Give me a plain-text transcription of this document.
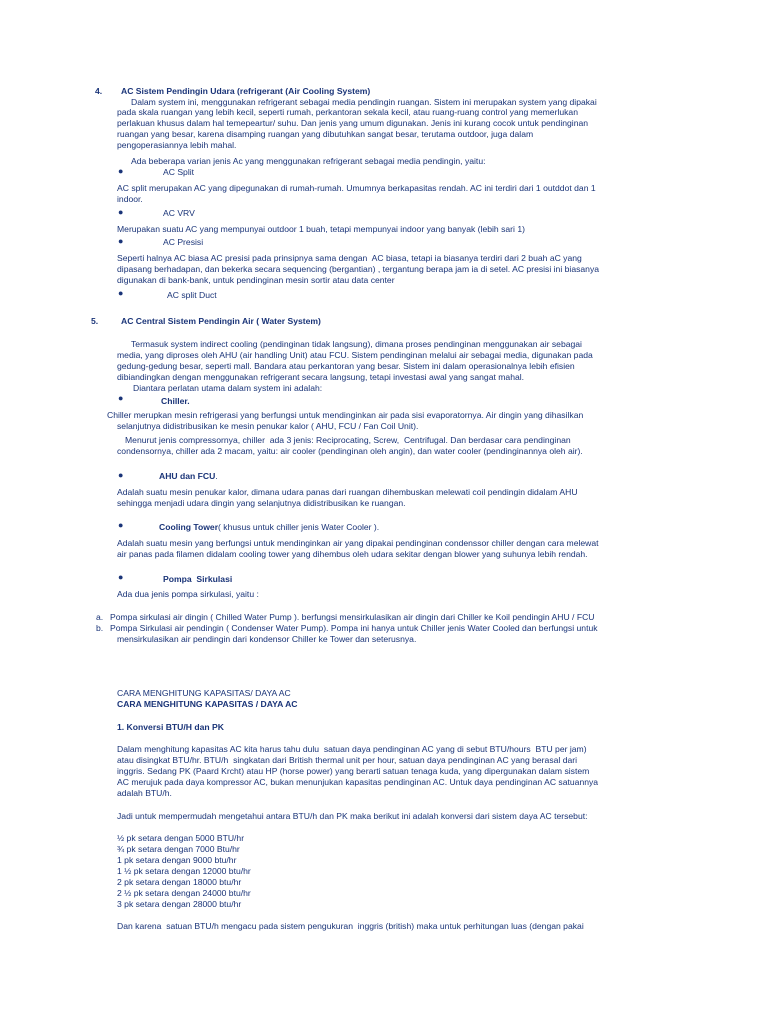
4. AC Sistem Pendingin Udara (refrigerant (Air Cooling System)
Dalam system ini, menggunakan refrigerant sebagai media pendingin ruangan. Sistem ini merupakan system yang dipakai
pada skala ruangan yang lebih kecil, seperti rumah, perkantoran sekala kecil, atau ruang-ruang control yang memerlukan
perlakuan khusus dalam hal temepeartur/ suhu. Dan jenis yang umum digunakan. Jenis ini kurang cocok untuk pendinginan
ruangan yang besar, karena disamping ruangan yang dibutuhkan sangat besar, terutama outdoor, juga dalam
pengoperasiannya lebih mahal.
Ada beberapa varian jenis Ac yang menggunakan refrigerant sebagai media pendingin, yaitu:
●	AC Split
AC split merupakan AC yang dipegunakan di rumah-rumah. Umumnya berkapasitas rendah. AC ini terdiri dari 1 outddot dan 1
indoor.
●	AC VRV
Merupakan suatu AC yang mempunyai outdoor 1 buah, tetapi mempunyai indoor yang banyak (lebih sari 1)
●	AC Presisi
Seperti halnya AC biasa AC presisi pada prinsipnya sama dengan  AC biasa, tetapi ia biasanya terdiri dari 2 buah aC yang
dipasang berhadapan, dan bekerka secara sequencing (bergantian) , tergantung berapa jam ia di setel. AC presisi ini biasanya
digunakan di bank-bank, untuk pendinginan mesin sortir atau data center
●	AC split Duct
5.	AC Central Sistem Pendingin Air ( Water System)
Termasuk system indirect cooling (pendinginan tidak langsung), dimana proses pendinginan menggunakan air sebagai
media, yang diproses oleh AHU (air handling Unit) atau FCU. Sistem pendinginan melalui air sebagai media, digunakan pada
gedung-gedung besar, seperti mall. Bandara atau perkantoran yang besar. Sistem ini dalam operasionalnya lebih efisien
dibiandingkan dengan menggunakan refrigerant secara langsung, tetapi investasi awal yang sangat mahal.
Diantara perlatan utama dalam system ini adalah:
●	Chiller.
Chiller merupkan mesin refrigerasi yang berfungsi untuk mendinginkan air pada sisi evaporatornya. Air dingin yang dihasilkan
selanjutnya didistribusikan ke mesin penukar kalor ( AHU, FCU / Fan Coil Unit).
Menurut jenis compressornya, chiller  ada 3 jenis: Reciprocating, Screw,  Centrifugal. Dan berdasar cara pendinginan
condensornya, chiller ada 2 macam, yaitu: air cooler (pendinginan oleh angin), dan water cooler (pendinginannya oleh air).
●	AHU dan FCU.
Adalah suatu mesin penukar kalor, dimana udara panas dari ruangan dihembuskan melewati coil pendingin didalam AHU
sehingga menjadi udara dingin yang selanjutnya didistribusikan ke ruangan.
●	Cooling Tower( khusus untuk chiller jenis Water Cooler ).
Adalah suatu mesin yang berfungsi untuk mendinginkan air yang dipakai pendinginan condenssor chiller dengan cara melewat
air panas pada filamen didalam cooling tower yang dihembus oleh udara sekitar dengan blower yang suhunya lebih rendah.
●	Pompa  Sirkulasi
Ada dua jenis pompa sirkulasi, yaitu :
a. Pompa sirkulasi air dingin ( Chilled Water Pump ). berfungsi mensirkulasikan air dingin dari Chiller ke Koil pendingin AHU / FCU
b. Pompa Sirkulasi air pendingin ( Condenser Water Pump). Pompa ini hanya untuk Chiller jenis Water Cooled dan berfungsi untuk
mensirkulasikan air pendingin dari kondensor Chiller ke Tower dan seterusnya.
CARA MENGHITUNG KAPASITAS/ DAYA AC
CARA MENGHITUNG KAPASITAS / DAYA AC
1. Konversi BTU/H dan PK
Dalam menghitung kapasitas AC kita harus tahu dulu  satuan daya pendinginan AC yang di sebut BTU/hours  BTU per jam)
atau disingkat BTU/hr. BTU/h  singkatan dari British thermal unit per hour, satuan daya pendinginan AC yang berasal dari
inggris. Sedang PK (Paard Krcht) atau HP (horse power) yang berarti satuan tenaga kuda, yang dipergunakan dalam sistem
AC merujuk pada daya kompressor AC, bukan menunjukan kapasitas pendinginan AC. Untuk daya pendinginan AC satuannya
adalah BTU/h.
Jadi untuk mempermudah mengetahui antara BTU/h dan PK maka berikut ini adalah konversi dari sistem daya AC tersebut:
½ pk setara dengan 5000 BTU/hr
¾ pk setara dengan 7000 Btu/hr
1 pk setara dengan 9000 btu/hr
1 ½ pk setara dengan 12000 btu/hr
2 pk setara dengan 18000 btu/hr
2 ½ pk setara dengan 24000 btu/hr
3 pk setara dengan 28000 btu/hr
Dan karena  satuan BTU/h mengacu pada sistem pengukuran  inggris (british) maka untuk perhitungan luas (dengan pakai
